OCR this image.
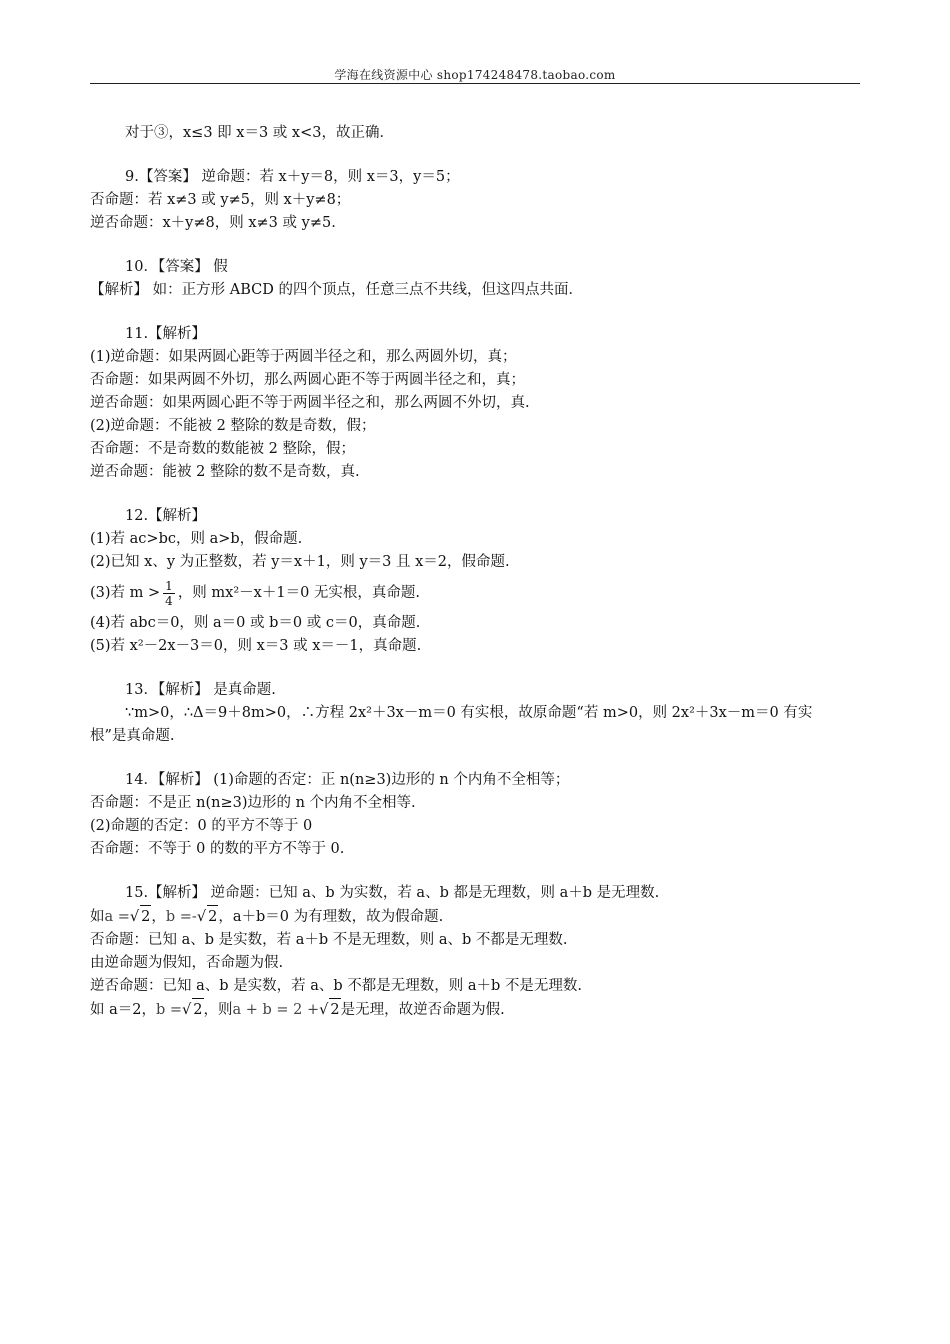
学海在线资源中心 shop174248478.taobao.com
对于③，x≤3 即 x＝3 或 x<3，故正确．
9.【答案】 逆命题：若 x＋y＝8，则 x＝3，y＝5；
否命题：若 x≠3 或 y≠5，则 x＋y≠8；
逆否命题：x＋y≠8，则 x≠3 或 y≠5.
10．【答案】 假
【解析】 如：正方形 ABCD 的四个顶点，任意三点不共线，但这四点共面．
11.【解析】
(1)逆命题：如果两圆心距等于两圆半径之和，那么两圆外切，真；
否命题：如果两圆不外切，那么两圆心距不等于两圆半径之和，真；
逆否命题：如果两圆心距不等于两圆半径之和，那么两圆不外切，真.
(2)逆命题：不能被 2 整除的数是奇数，假；
否命题：不是奇数的数能被 2 整除，假；
逆否命题：能被 2 整除的数不是奇数，真.
12.【解析】
(1)若 ac>bc，则 a>b，假命题.
(2)已知 x、y 为正整数，若 y＝x＋1，则 y＝3 且 x＝2，假命题.
(3)若 $m > \frac{1}{4}$ ，则 mx²－x＋1＝0 无实根，真命题.
(4)若 abc＝0，则 a＝0 或 b＝0 或 c＝0，真命题.
(5)若 x²－2x－3＝0，则 x＝3 或 x＝－1，真命题.
13．【解析】 是真命题.
∵m>0，∴Δ＝9＋8m>0，∴方程 2x²＋3x－m＝0 有实根，故原命题“若 m>0，则 2x²＋3x－m＝0 有实
根”是真命题.
14．【解析】 (1)命题的否定：正 n(n≥3)边形的 n 个内角不全相等；
否命题：不是正 n(n≥3)边形的 n 个内角不全相等.
(2)命题的否定：0 的平方不等于 0
否命题：不等于 0 的数的平方不等于 0.
15.【解析】 逆命题：已知 a、b 为实数，若 a、b 都是无理数，则 a＋b 是无理数.
如a =√ 2，b =-√ 2，a＋b＝0 为有理数，故为假命题.
否命题：已知 a、b 是实数，若 a＋b 不是无理数，则 a、b 不都是无理数.
由逆命题为假知，否命题为假.
逆否命题：已知 a、b 是实数，若 a、b 不都是无理数，则 a＋b 不是无理数.
如 a＝2，b =√ 2，则a + b = 2 +√ 2是无理，故逆否命题为假.
